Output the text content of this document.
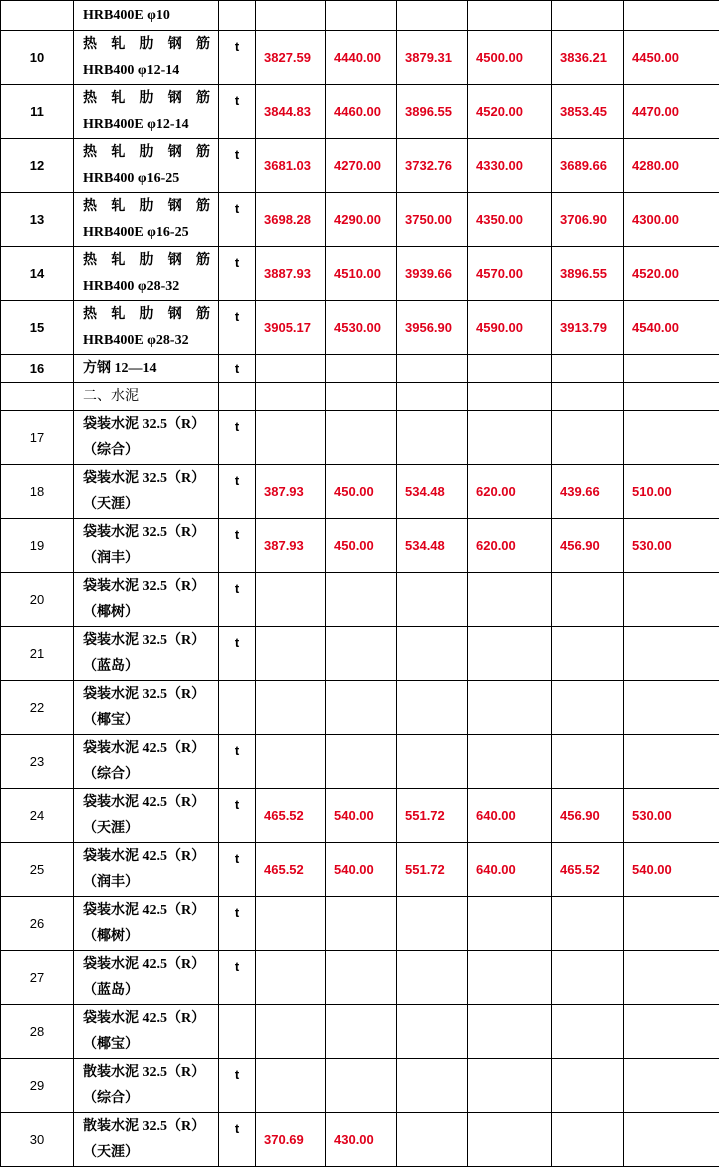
	HRB400E φ10							

10	热 轧 肋 钢 筋
HRB400 φ12-14	t	3827.59	4440.00	3879.31	4500.00	3836.21	4450.00
11	热 轧 肋 钢 筋
HRB400E φ12-14	t	3844.83	4460.00	3896.55	4520.00	3853.45	4470.00
12	热 轧 肋 钢 筋
HRB400 φ16-25	t	3681.03	4270.00	3732.76	4330.00	3689.66	4280.00
13	热 轧 肋 钢 筋
HRB400E φ16-25	t	3698.28	4290.00	3750.00	4350.00	3706.90	4300.00
14	热 轧 肋 钢 筋
HRB400 φ28-32	t	3887.93	4510.00	3939.66	4570.00	3896.55	4520.00
15	热 轧 肋 钢 筋
HRB400E φ28-32	t	3905.17	4530.00	3956.90	4590.00	3913.79	4540.00
16	方钢 12—14	t						

	二、水泥							

17	袋装水泥 32.5（R）
（综合）	t						
18	袋装水泥 32.5（R）
（天涯）	t	387.93	450.00	534.48	620.00	439.66	510.00
19	袋装水泥 32.5（R）
（润丰）	t	387.93	450.00	534.48	620.00	456.90	530.00
20	袋装水泥 32.5（R）
（椰树）	t						
21	袋装水泥 32.5（R）
（蓝岛）	t						
22	袋装水泥 32.5（R）
（椰宝）							

23	袋装水泥 42.5（R）
（综合）	t						
24	袋装水泥 42.5（R）
（天涯）	t	465.52	540.00	551.72	640.00	456.90	530.00
25	袋装水泥 42.5（R）
（润丰）	t	465.52	540.00	551.72	640.00	465.52	540.00
26	袋装水泥 42.5（R）
（椰树）	t						
27	袋装水泥 42.5（R）
（蓝岛）	t						
28	袋装水泥 42.5（R）
（椰宝）							

29	散装水泥 32.5（R）
（综合）	t						
30	散装水泥 32.5（R）
（天涯）	t	370.69	430.00				
